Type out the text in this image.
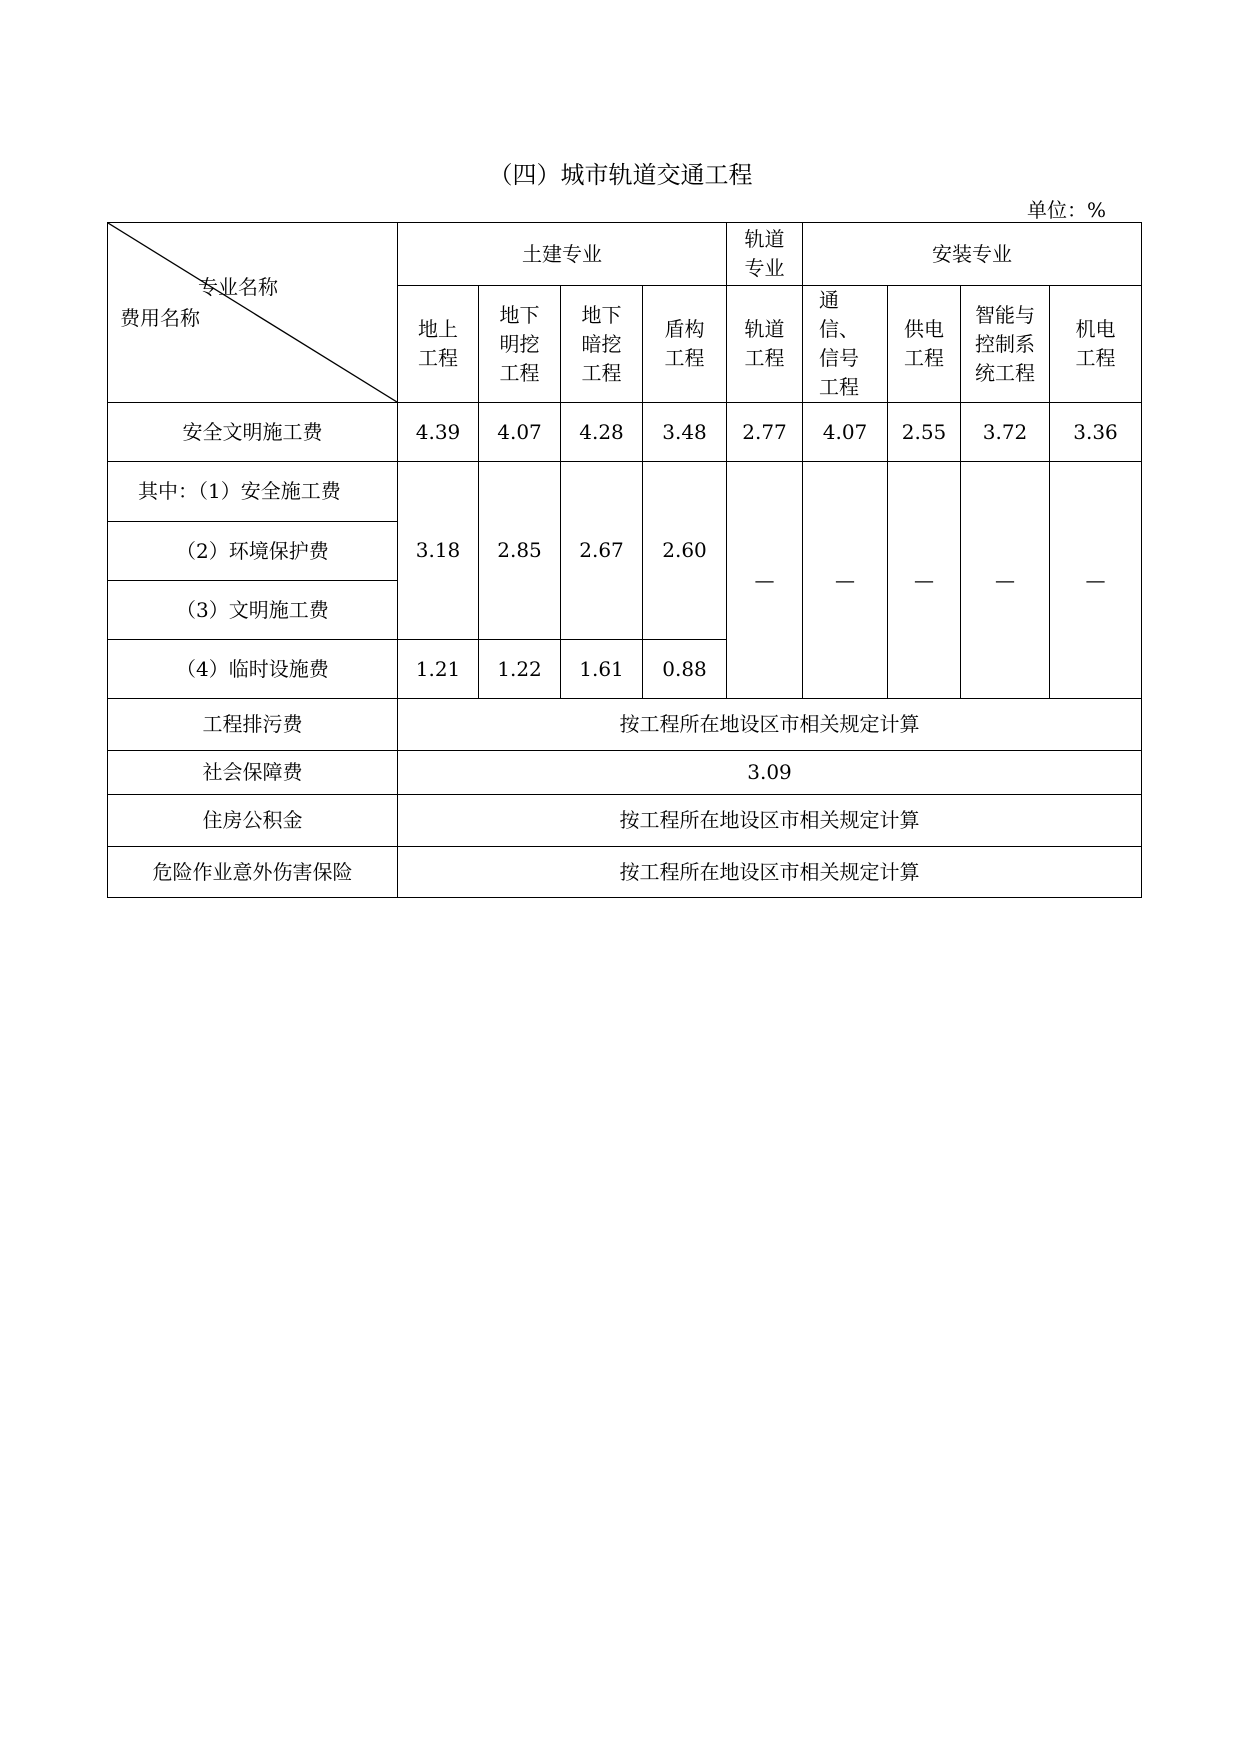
（四）城市轨道交通工程
单位：%
专业名称
费用名称	土建专业				轨道专业	安装专业			

	地上工程	地下明挖工程	地下暗挖工程	盾构工程	轨道工程	通信、信号工程	供电工程	智能与控制系统工程	机电工程

安全文明施工费	4.39	4.07	4.28	3.48	2.77	4.07	2.55	3.72	3.36
其中：（1）安全施工费	3.18	2.85	2.67	2.60	—	—	—	—	—
（2）环境保护费									
（3）文明施工费									
（4）临时设施费	1.21	1.22	1.61	0.88					
工程排污费	按工程所在地设区市相关规定计算								
社会保障费	3.09								
住房公积金	按工程所在地设区市相关规定计算								
危险作业意外伤害保险	按工程所在地设区市相关规定计算								
